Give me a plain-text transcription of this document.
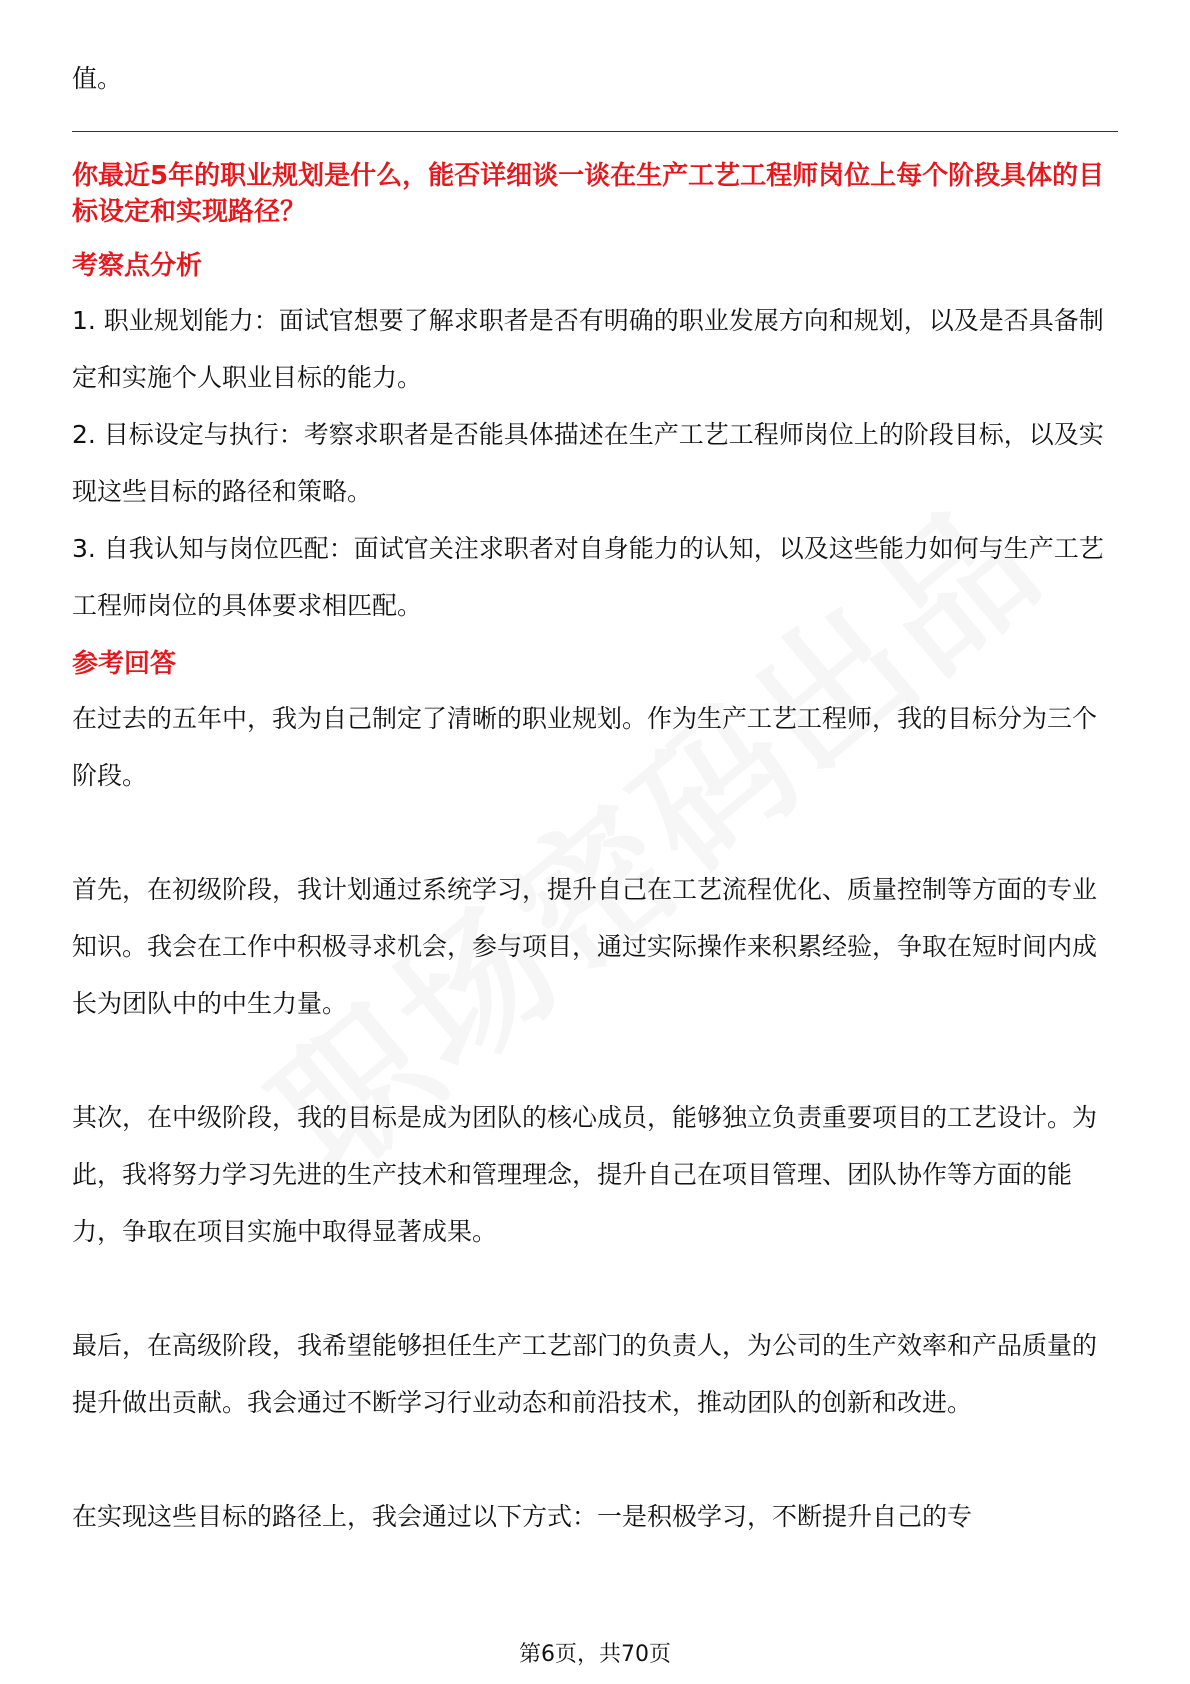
值。

你最近5年的职业规划是什么，能否详细谈一谈在生产工艺工程师岗位上每个阶段具体的目标设定和实现路径？

考察点分析

1. 职业规划能力：面试官想要了解求职者是否有明确的职业发展方向和规划，以及是否具备制定和实施个人职业目标的能力。

2. 目标设定与执行：考察求职者是否能具体描述在生产工艺工程师岗位上的阶段目标，以及实现这些目标的路径和策略。

3. 自我认知与岗位匹配：面试官关注求职者对自身能力的认知，以及这些能力如何与生产工艺工程师岗位的具体要求相匹配。

参考回答

在过去的五年中，我为自己制定了清晰的职业规划。作为生产工艺工程师，我的目标分为三个阶段。

首先，在初级阶段，我计划通过系统学习，提升自己在工艺流程优化、质量控制等方面的专业知识。我会在工作中积极寻求机会，参与项目，通过实际操作来积累经验，争取在短时间内成长为团队中的中生力量。

其次，在中级阶段，我的目标是成为团队的核心成员，能够独立负责重要项目的工艺设计。为此，我将努力学习先进的生产技术和管理理念，提升自己在项目管理、团队协作等方面的能力，争取在项目实施中取得显著成果。

最后，在高级阶段，我希望能够担任生产工艺部门的负责人，为公司的生产效率和产品质量的提升做出贡献。我会通过不断学习行业动态和前沿技术，推动团队的创新和改进。

在实现这些目标的路径上，我会通过以下方式：一是积极学习，不断提升自己的专

第6页，共70页
